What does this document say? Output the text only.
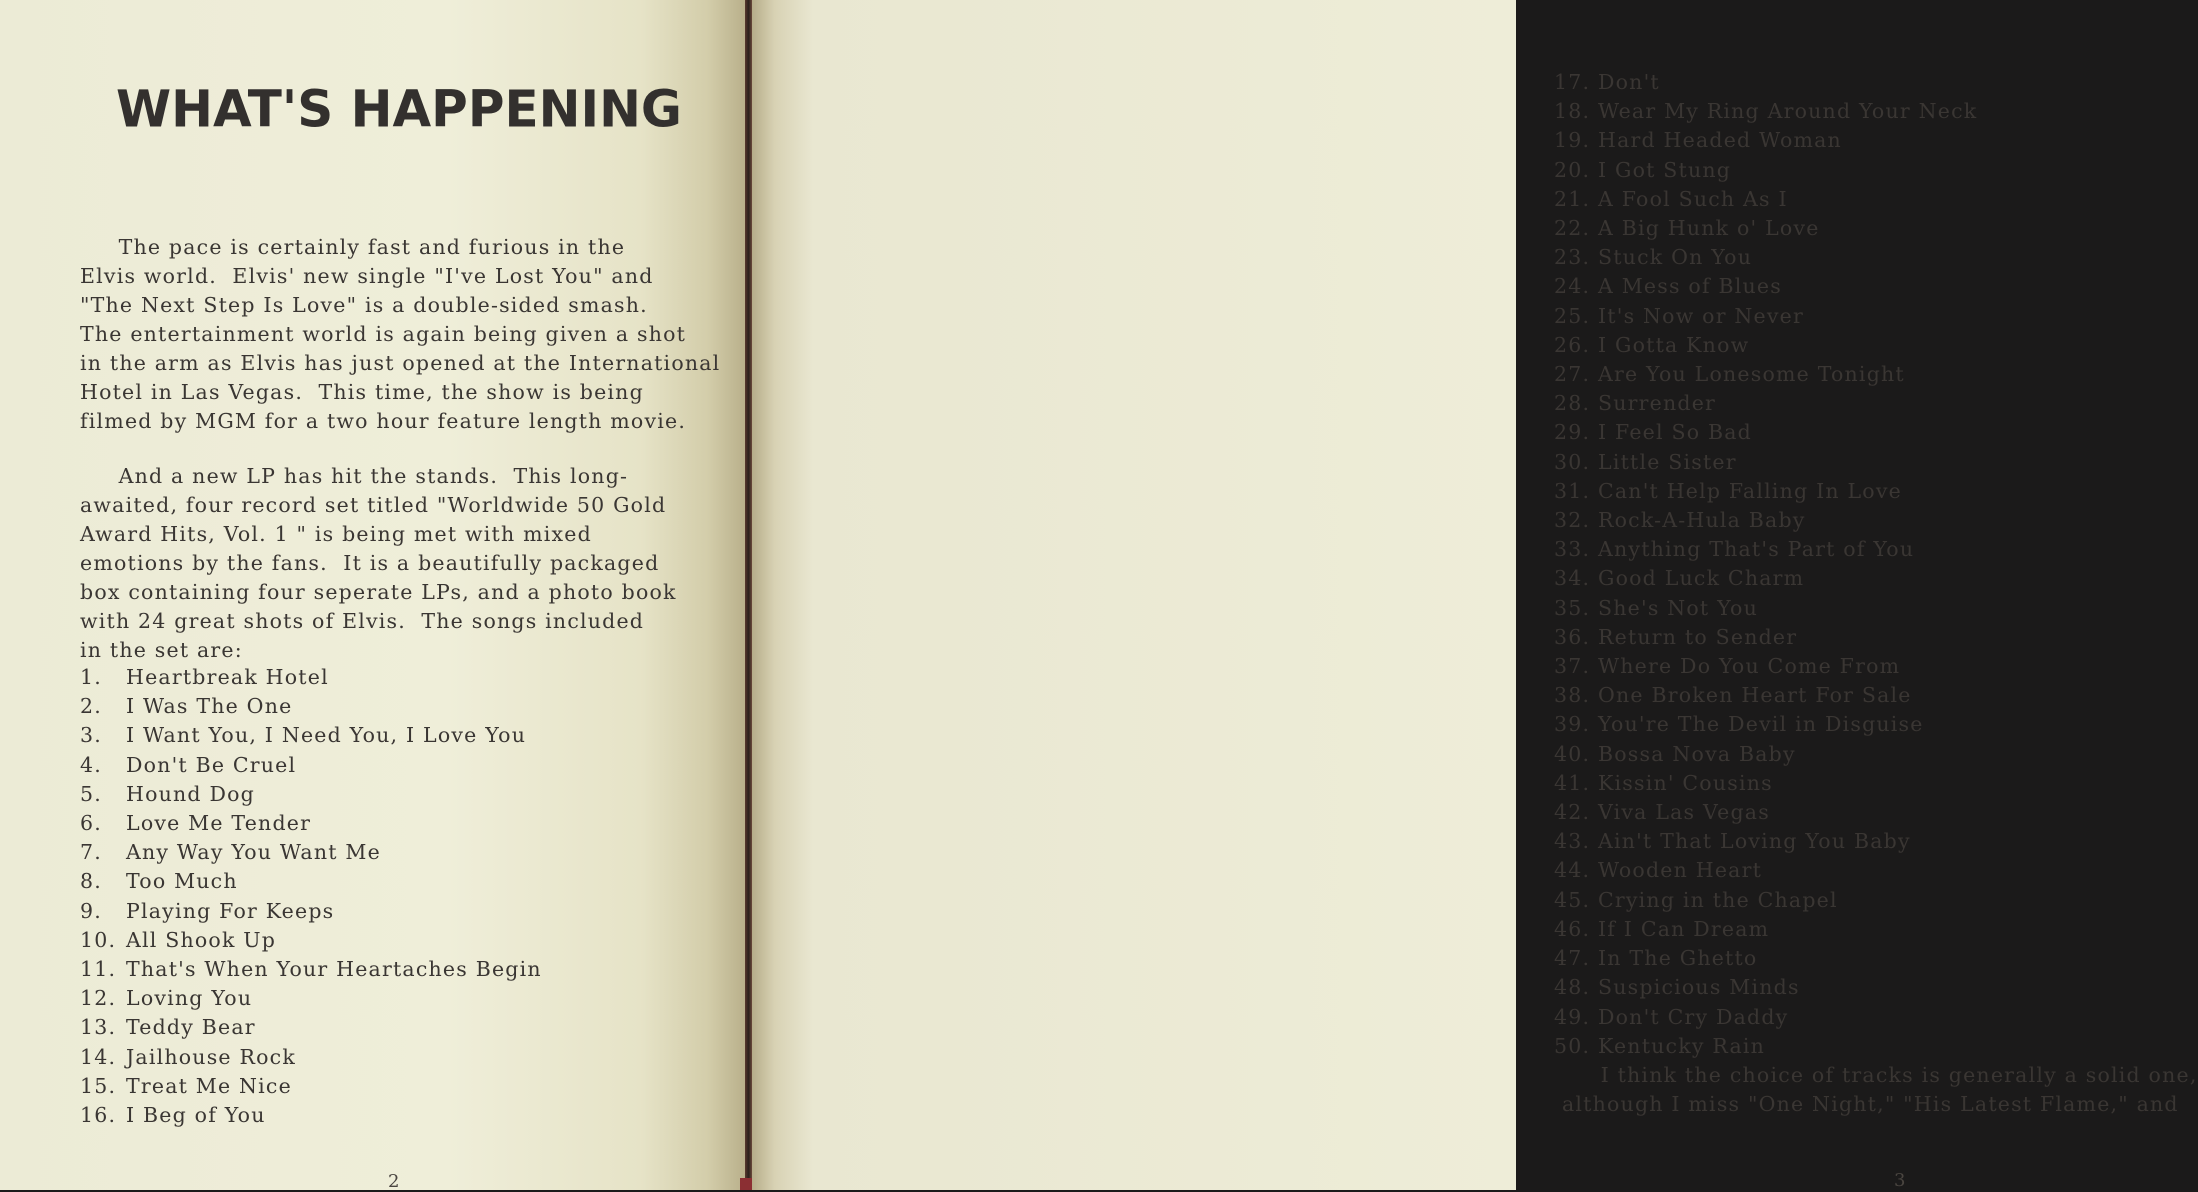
WHAT'S HAPPENING

The pace is certainly fast and furious in the
Elvis world.  Elvis' new single "I've Lost You" and
"The Next Step Is Love" is a double-sided smash.
The entertainment world is again being given a shot
in the arm as Elvis has just opened at the International
Hotel in Las Vegas.  This time, the show is being
filmed by MGM for a two hour feature length movie.

And a new LP has hit the stands.  This long-
awaited, four record set titled "Worldwide 50 Gold
Award Hits, Vol. 1 " is being met with mixed
emotions by the fans.  It is a beautifully packaged
box containing four seperate LPs, and a photo book
with 24 great shots of Elvis.  The songs included
in the set are:

1. Heartbreak Hotel
2. I Was The One
3. I Want You, I Need You, I Love You
4. Don't Be Cruel
5. Hound Dog
6. Love Me Tender
7. Any Way You Want Me
8. Too Much
9. Playing For Keeps
10. All Shook Up
11. That's When Your Heartaches Begin
12. Loving You
13. Teddy Bear
14. Jailhouse Rock
15. Treat Me Nice
16. I Beg of You
2
17. Don't
18. Wear My Ring Around Your Neck
19. Hard Headed Woman
20. I Got Stung
21. A Fool Such As I
22. A Big Hunk o' Love
23. Stuck On You
24. A Mess of Blues
25. It's Now or Never
26. I Gotta Know
27. Are You Lonesome Tonight
28. Surrender
29. I Feel So Bad
30. Little Sister
31. Can't Help Falling In Love
32. Rock-A-Hula Baby
33. Anything That's Part of You
34. Good Luck Charm
35. She's Not You
36. Return to Sender
37. Where Do You Come From
38. One Broken Heart For Sale
39. You're The Devil in Disguise
40. Bossa Nova Baby
41. Kissin' Cousins
42. Viva Las Vegas
43. Ain't That Loving You Baby
44. Wooden Heart
45. Crying in the Chapel
46. If I Can Dream
47. In The Ghetto
48. Suspicious Minds
49. Don't Cry Daddy
50. Kentucky Rain

I think the choice of tracks is generally a solid one,
although I miss "One Night," "His Latest Flame," and

3
